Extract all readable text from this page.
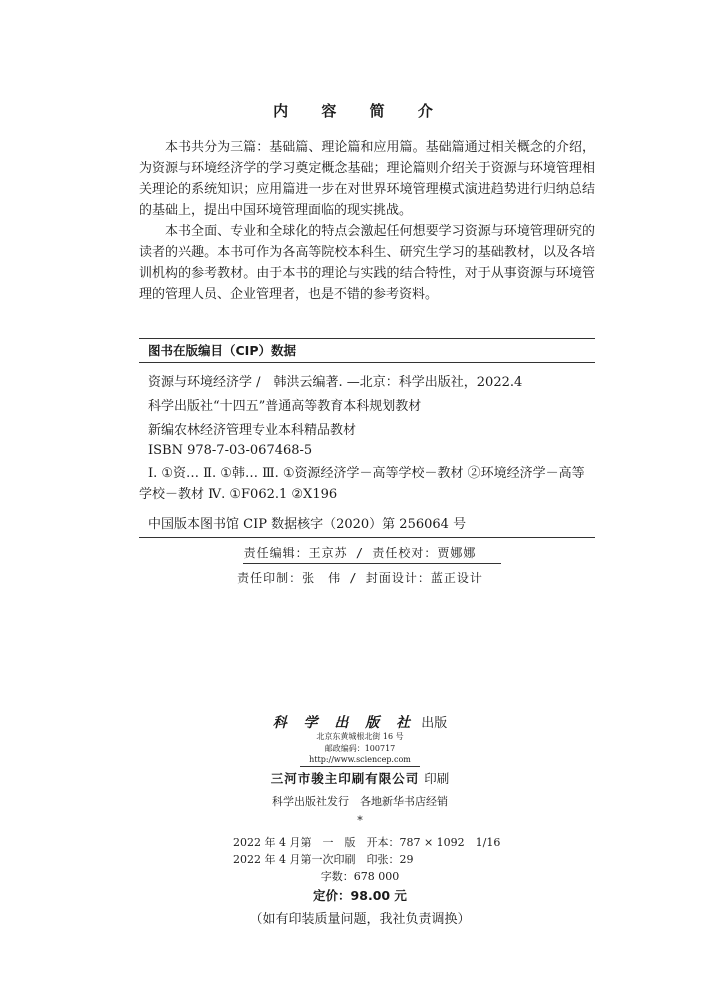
内 容 简 介

本书共分为三篇：基础篇、理论篇和应用篇。基础篇通过相关概念的介绍，为资源与环境经济学的学习奠定概念基础；理论篇则介绍关于资源与环境管理相关理论的系统知识；应用篇进一步在对世界环境管理模式演进趋势进行归纳总结的基础上，提出中国环境管理面临的现实挑战。

本书全面、专业和全球化的特点会激起任何想要学习资源与环境管理研究的读者的兴趣。本书可作为各高等院校本科生、研究生学习的基础教材，以及各培训机构的参考教材。由于本书的理论与实践的结合特性，对于从事资源与环境管理的管理人员、企业管理者，也是不错的参考资料。

图书在版编目（CIP）数据
资源与环境经济学 /　韩洪云编著. —北京：科学出版社，2022.4
科学出版社“十四五”普通高等教育本科规划教材
新编农林经济管理专业本科精品教材
ISBN 978-7-03-067468-5
Ⅰ. ①资… Ⅱ. ①韩… Ⅲ. ①资源经济学－高等学校－教材 ②环境经济学－高等学校－教材 Ⅳ. ①F062.1 ②X196
中国版本图书馆 CIP 数据核字（2020）第 256064 号
责任编辑：王京苏 / 责任校对：贾娜娜
责任印制：张　伟 / 封面设计：蓝正设计
科 学 出 版 社 出版
北京东黄城根北街 16 号
邮政编码：100717
http://www.sciencep.com
三河市骏主印刷有限公司 印刷
科学出版社发行　各地新华书店经销
*
2022 年 4 月第　一　版　开本：787 × 1092　1/16
2022 年 4 月第一次印刷　印张：29
字数：678 000
定价：98.00 元
（如有印装质量问题，我社负责调换）
